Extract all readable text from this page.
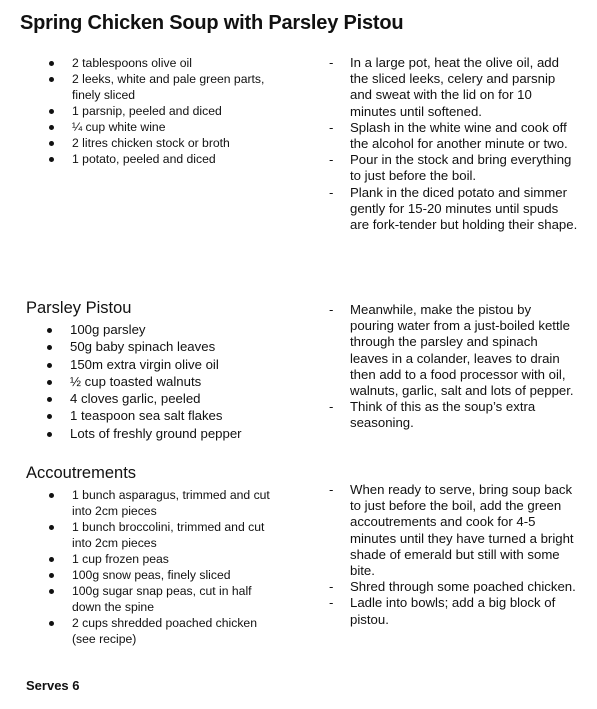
Spring Chicken Soup with Parsley Pistou
2 tablespoons olive oil
2 leeks, white and pale green parts, finely sliced
1 parsnip, peeled and diced
¼ cup white wine
2 litres chicken stock or broth
1 potato, peeled and diced
- In a large pot, heat the olive oil, add the sliced leeks, celery and parsnip and sweat with the lid on for 10 minutes until softened.
- Splash in the white wine and cook off the alcohol for another minute or two.
- Pour in the stock and bring everything to just before the boil.
- Plank in the diced potato and simmer gently for 15-20 minutes until spuds are fork-tender but holding their shape.
Parsley Pistou
100g parsley
50g baby spinach leaves
150m extra virgin olive oil
½ cup toasted walnuts
4 cloves garlic, peeled
1 teaspoon sea salt flakes
Lots of freshly ground pepper
- Meanwhile, make the pistou by pouring water from a just-boiled kettle through the parsley and spinach leaves in a colander, leaves to drain then add to a food processor with oil, walnuts, garlic, salt and lots of pepper.
- Think of this as the soup’s extra seasoning.
Accoutrements
1 bunch asparagus, trimmed and cut into 2cm pieces
1 bunch broccolini, trimmed and cut into 2cm pieces
1 cup frozen peas
100g snow peas, finely sliced
100g sugar snap peas, cut in half down the spine
2 cups shredded poached chicken (see recipe)
- When ready to serve, bring soup back to just before the boil, add the green accoutrements and cook for 4-5 minutes until they have turned a bright shade of emerald but still with some bite.
- Shred through some poached chicken.
- Ladle into bowls; add a big block of pistou.

Serves 6
